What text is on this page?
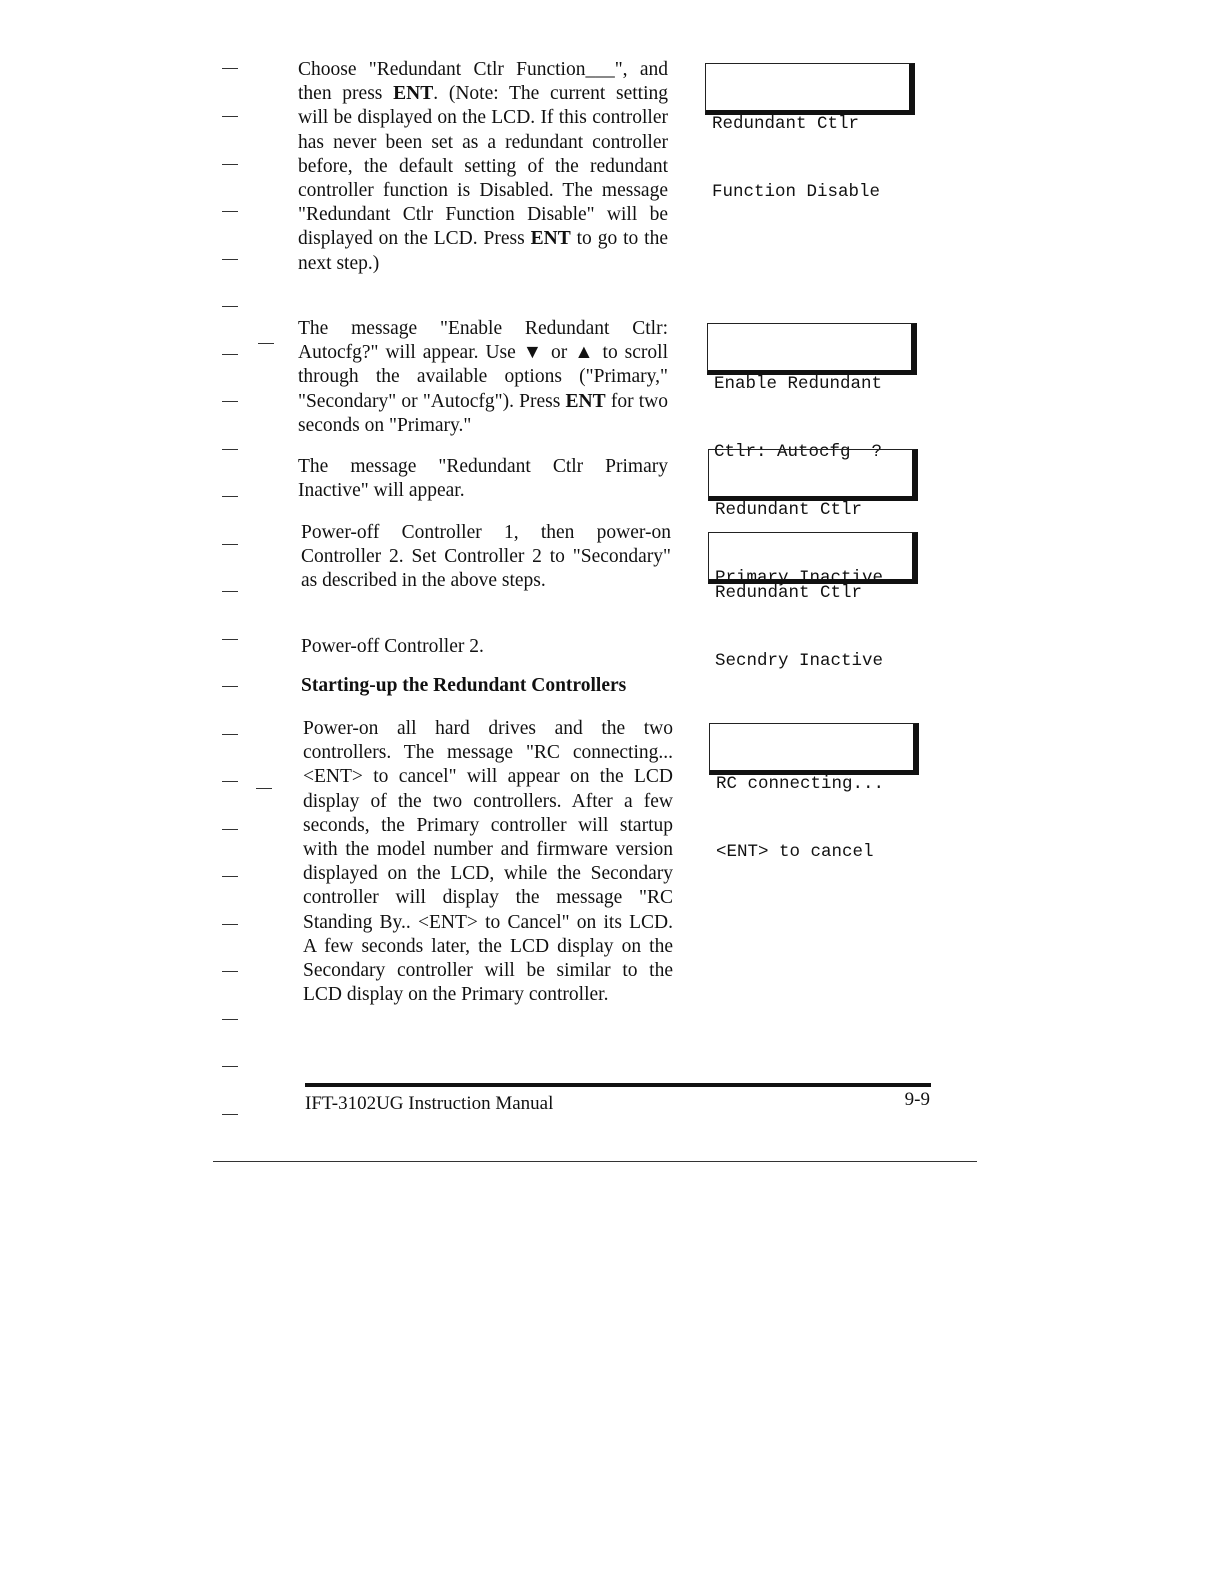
Choose "Redundant Ctlr Function___", and then press ENT. (Note: The current setting will be displayed on the LCD. If this controller has never been set as a redundant controller before, the default setting of the redundant controller function is Disabled. The message "Redundant Ctlr Function Disable" will be displayed on the LCD. Press ENT to go to the next step.)

The message "Enable Redundant Ctlr: Autocfg?" will appear. Use ▼ or ▲ to scroll through the available options ("Primary," "Secondary" or "Autocfg"). Press ENT for two seconds on "Primary."

The message "Redundant Ctlr Primary Inactive" will appear.

Power-off Controller 1, then power-on Controller 2. Set Controller 2 to "Secondary" as described in the above steps.

Power-off Controller 2.

Starting-up the Redundant Controllers

Power-on all hard drives and the two controllers. The message "RC connecting... <ENT> to cancel" will appear on the LCD display of the two controllers. After a few seconds, the Primary controller will startup with the model number and firmware version displayed on the LCD, while the Secondary controller will display the message "RC Standing By.. <ENT> to Cancel" on its LCD. A few seconds later, the LCD display on the Secondary controller will be similar to the LCD display on the Primary controller.

Redundant Ctlr

Function Disable

Enable Redundant

Ctlr: Autocfg  ?

Redundant Ctlr

Primary Inactive

Redundant Ctlr

Secndry Inactive

RC connecting...

<ENT> to cancel

IFT-3102UG Instruction Manual	9-9
